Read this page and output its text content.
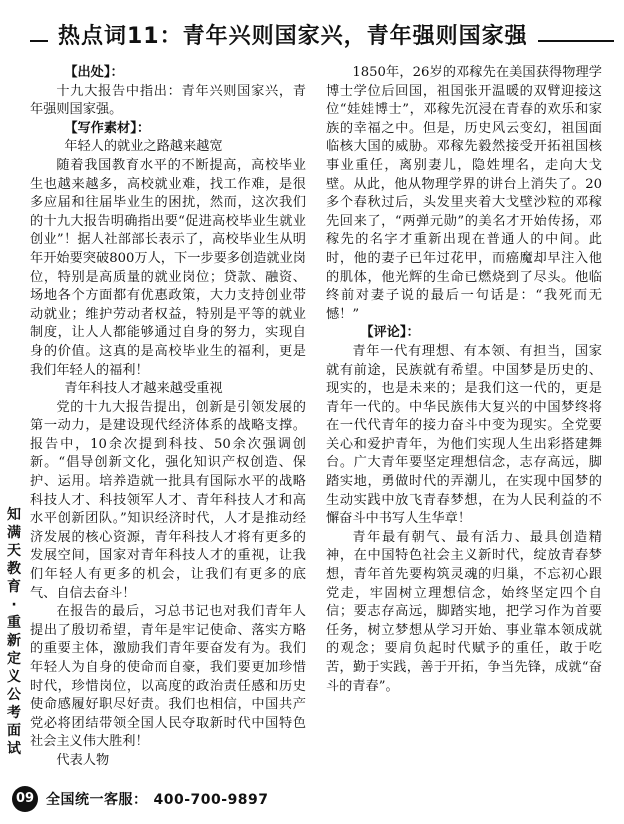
热点词11：青年兴则国家兴，青年强则国家强

【出处】：

十九大报告中指出：青年兴则国家兴，青年强则国家强。

【写作素材】：

年轻人的就业之路越来越宽

随着我国教育水平的不断提高，高校毕业生也越来越多，高校就业难，找工作难，是很多应届和往届毕业生的困扰，然而，这次我们的十九大报告明确指出要“促进高校毕业生就业创业”！据人社部部长表示了，高校毕业生从明年开始要突破800万人，下一步要多创造就业岗位，特别是高质量的就业岗位；贷款、融资、场地各个方面都有优惠政策，大力支持创业带动就业；维护劳动者权益，特别是平等的就业制度，让人人都能够通过自身的努力，实现自身的价值。这真的是高校毕业生的福利，更是我们年轻人的福利！

青年科技人才越来越受重视

党的十九大报告提出，创新是引领发展的第一动力，是建设现代经济体系的战略支撑。报告中，10余次提到科技、50余次强调创新。“倡导创新文化，强化知识产权创造、保护、运用。培养造就一批具有国际水平的战略科技人才、科技领军人才、青年科技人才和高水平创新团队。”知识经济时代，人才是推动经济发展的核心资源，青年科技人才将有更多的发展空间，国家对青年科技人才的重视，让我们年轻人有更多的机会，让我们有更多的底气、自信去奋斗！

在报告的最后，习总书记也对我们青年人提出了殷切希望，青年是牢记使命、落实方略的重要主体，激励我们青年要奋发有为。我们年轻人为自身的使命而自豪，我们要更加珍惜时代，珍惜岗位，以高度的政治责任感和历史使命感履好职尽好责。我们也相信，中国共产党必将团结带领全国人民夺取新时代中国特色社会主义伟大胜利！

代表人物

1850年，26岁的邓稼先在美国获得物理学博士学位后回国，祖国张开温暖的双臂迎接这位“娃娃博士”，邓稼先沉浸在青春的欢乐和家族的幸福之中。但是，历史风云变幻，祖国面临核大国的威胁。邓稼先毅然接受开拓祖国核事业重任，离别妻儿，隐姓埋名，走向大戈壁。从此，他从物理学界的讲台上消失了。20多个春秋过后，头发里夹着大戈壁沙粒的邓稼先回来了，“两弹元勋”的美名才开始传扬，邓稼先的名字才重新出现在普通人的中间。此时，他的妻子已年过花甲，而癌魔却早注入他的肌体，他光辉的生命已燃烧到了尽头。他临终前对妻子说的最后一句话是：“我死而无憾！”

【评论】：

青年一代有理想、有本领、有担当，国家就有前途，民族就有希望。中国梦是历史的、现实的，也是未来的；是我们这一代的，更是青年一代的。中华民族伟大复兴的中国梦终将在一代代青年的接力奋斗中变为现实。全党要关心和爱护青年，为他们实现人生出彩搭建舞台。广大青年要坚定理想信念，志存高远，脚踏实地，勇做时代的弄潮儿，在实现中国梦的生动实践中放飞青春梦想，在为人民利益的不懈奋斗中书写人生华章！

青年最有朝气、最有活力、最具创造精神，在中国特色社会主义新时代，绽放青春梦想，青年首先要构筑灵魂的归巢，不忘初心跟党走，牢固树立理想信念，始终坚定四个自信；要志存高远，脚踏实地，把学习作为首要任务，树立梦想从学习开始、事业靠本领成就的观念；要肩负起时代赋予的重任，敢于吃苦，勤于实践，善于开拓，争当先锋，成就“奋斗的青春”。

知
满
天
教
育
·
重
新
定
义
公
考
面
试
09 全国统一客服： 400-700-9897
